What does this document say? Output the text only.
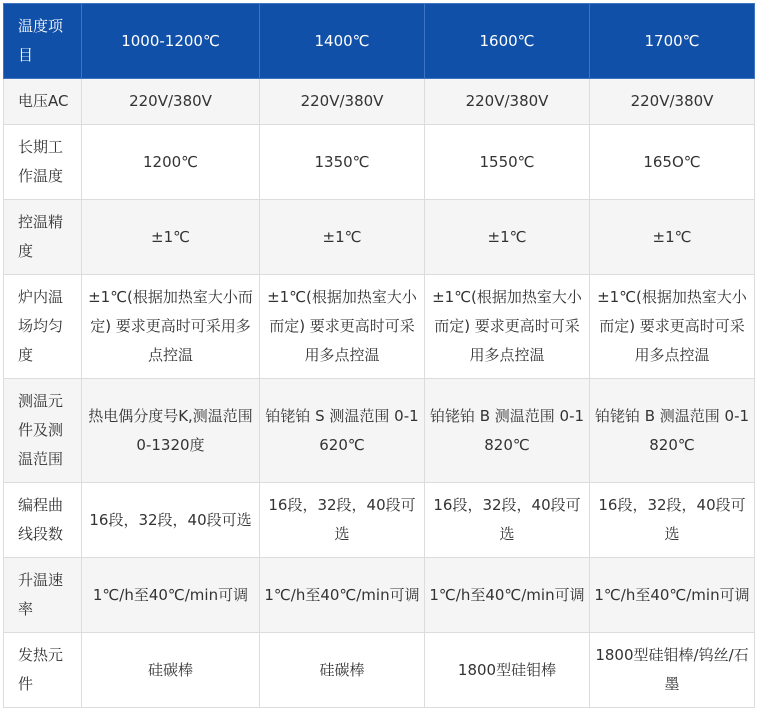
温度项目	1000-1200℃	1400℃	1600℃	1700℃
电压AC	220V/380V	220V/380V	220V/380V	220V/380V
长期工作温度	1200℃	1350℃	1550℃	165O℃
控温精度	±1℃	±1℃	±1℃	±1℃
炉内温场均匀度	±1℃(根据加热室大小而定) 要求更高时可采用多点控温	±1℃(根据加热室大小而定) 要求更高时可采用多点控温	±1℃(根据加热室大小而定) 要求更高时可采用多点控温	±1℃(根据加热室大小而定) 要求更高时可采用多点控温
测温元件及测温范围	热电偶分度号K,测温范围0-1320度	铂铑铂 S 测温范围 0-1620℃	铂铑铂 B 测温范围 0-1820℃	铂铑铂 B 测温范围 0-1820℃
编程曲线段数	16段，32段，40段可选	16段，32段，40段可选	16段，32段，40段可选	16段，32段，40段可选
升温速率	1℃/h至40℃/min可调	1℃/h至40℃/min可调	1℃/h至40℃/min可调	1℃/h至40℃/min可调
发热元件	硅碳棒	硅碳棒	1800型硅钼棒	1800型硅钼棒/钨丝/石墨
